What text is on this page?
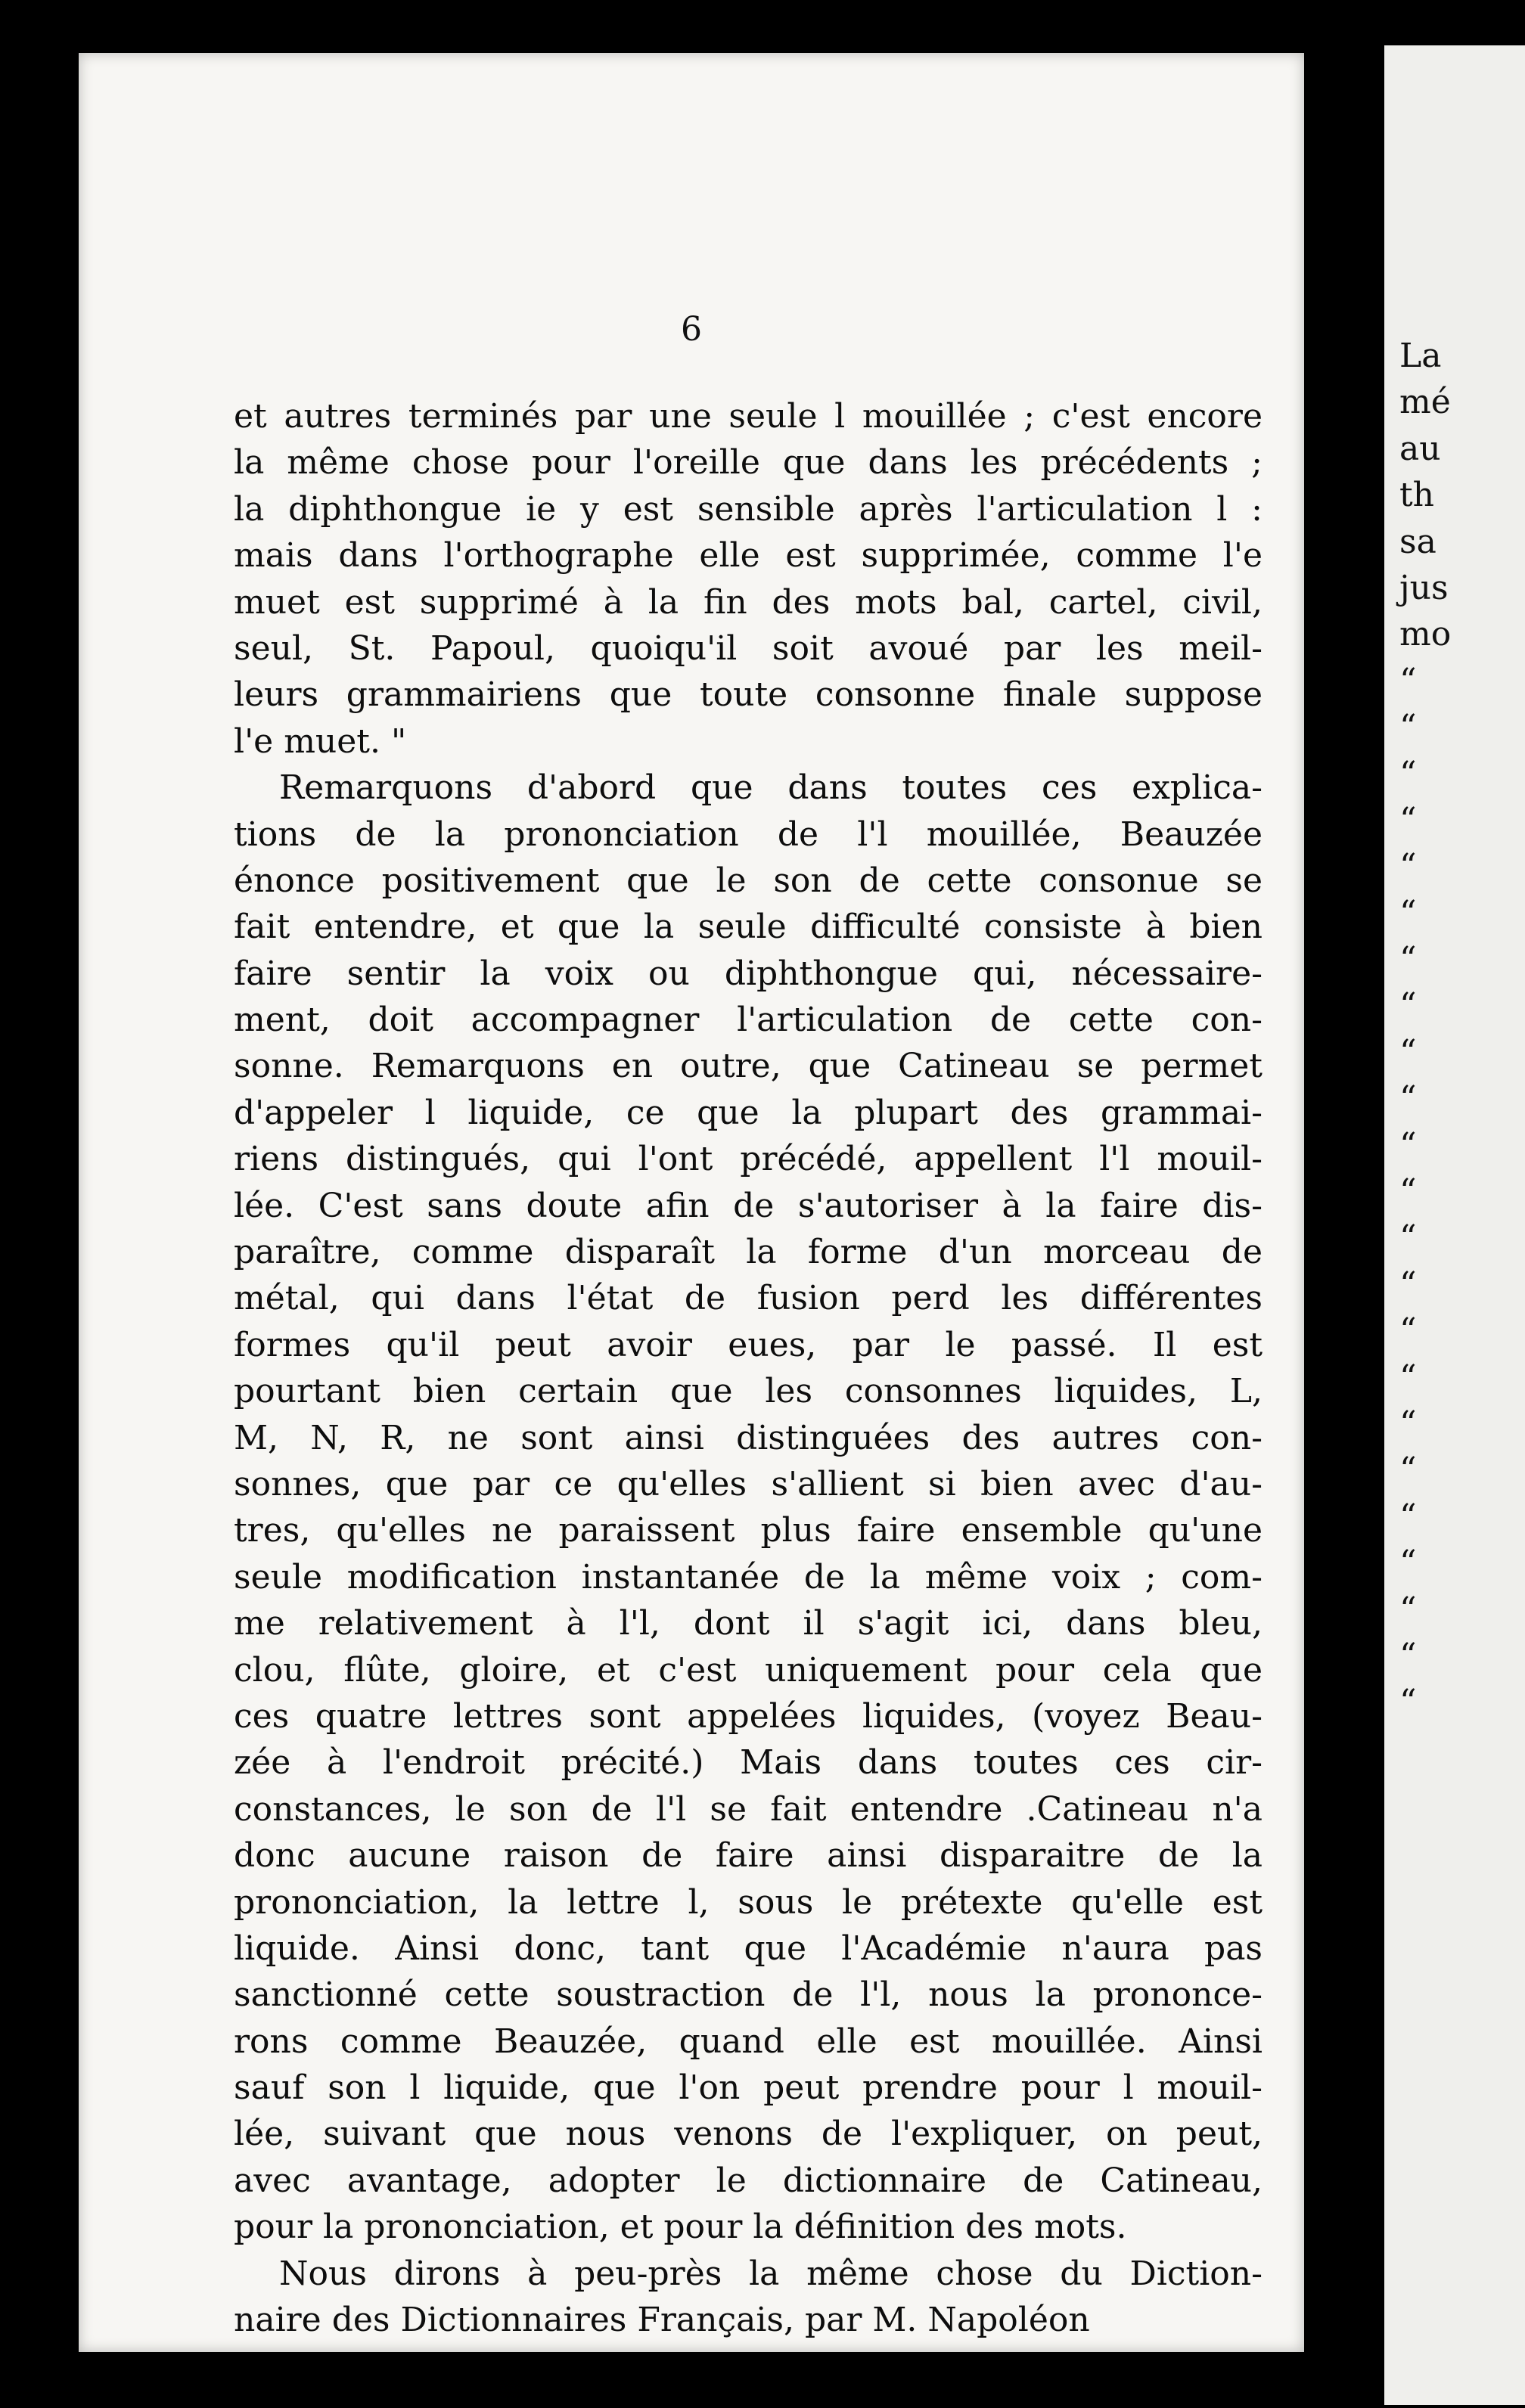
6
et autres terminés par une seule l mouillée ; c'est encore
la même chose pour l'oreille que dans les précédents ;
la diphthongue ie y est sensible après l'articulation l :
mais dans l'orthographe elle est supprimée, comme l'e
muet est supprimé à la fin des mots bal, cartel, civil,
seul, St. Papoul, quoiqu'il soit avoué par les meil-
leurs grammairiens que toute consonne finale suppose
l'e muet. "
Remarquons d'abord que dans toutes ces explica-
tions de la prononciation de l'l mouillée, Beauzée
énonce positivement que le son de cette consonue se
fait entendre, et que la seule difficulté consiste à bien
faire sentir la voix ou diphthongue qui, nécessaire-
ment, doit accompagner l'articulation de cette con-
sonne. Remarquons en outre, que Catineau se permet
d'appeler l liquide, ce que la plupart des grammai-
riens distingués, qui l'ont précédé, appellent l'l mouil-
lée. C'est sans doute afin de s'autoriser à la faire dis-
paraître, comme disparaît la forme d'un morceau de
métal, qui dans l'état de fusion perd les différentes
formes qu'il peut avoir eues, par le passé. Il est
pourtant bien certain que les consonnes liquides, L,
M, N, R, ne sont ainsi distinguées des autres con-
sonnes, que par ce qu'elles s'allient si bien avec d'au-
tres, qu'elles ne paraissent plus faire ensemble qu'une
seule modification instantanée de la même voix ; com-
me relativement à l'l, dont il s'agit ici, dans bleu,
clou, flûte, gloire, et c'est uniquement pour cela que
ces quatre lettres sont appelées liquides, (voyez Beau-
zée à l'endroit précité.) Mais dans toutes ces cir-
constances, le son de l'l se fait entendre .Catineau n'a
donc aucune raison de faire ainsi disparaitre de la
prononciation, la lettre l, sous le prétexte qu'elle est
liquide. Ainsi donc, tant que l'Académie n'aura pas
sanctionné cette soustraction de l'l, nous la prononce-
rons comme Beauzée, quand elle est mouillée. Ainsi
sauf son l liquide, que l'on peut prendre pour l mouil-
lée, suivant que nous venons de l'expliquer, on peut,
avec avantage, adopter le dictionnaire de Catineau,
pour la prononciation, et pour la définition des mots.
Nous dirons à peu-près la même chose du Diction-
naire des Dictionnaires Français, par M. Napoléon
La
mé
au
th
sa
jus
mo
“
“
“
“
“
“
“
“
“
“
“
“
“
“
“
“
“
“
“
“
“
“
“
